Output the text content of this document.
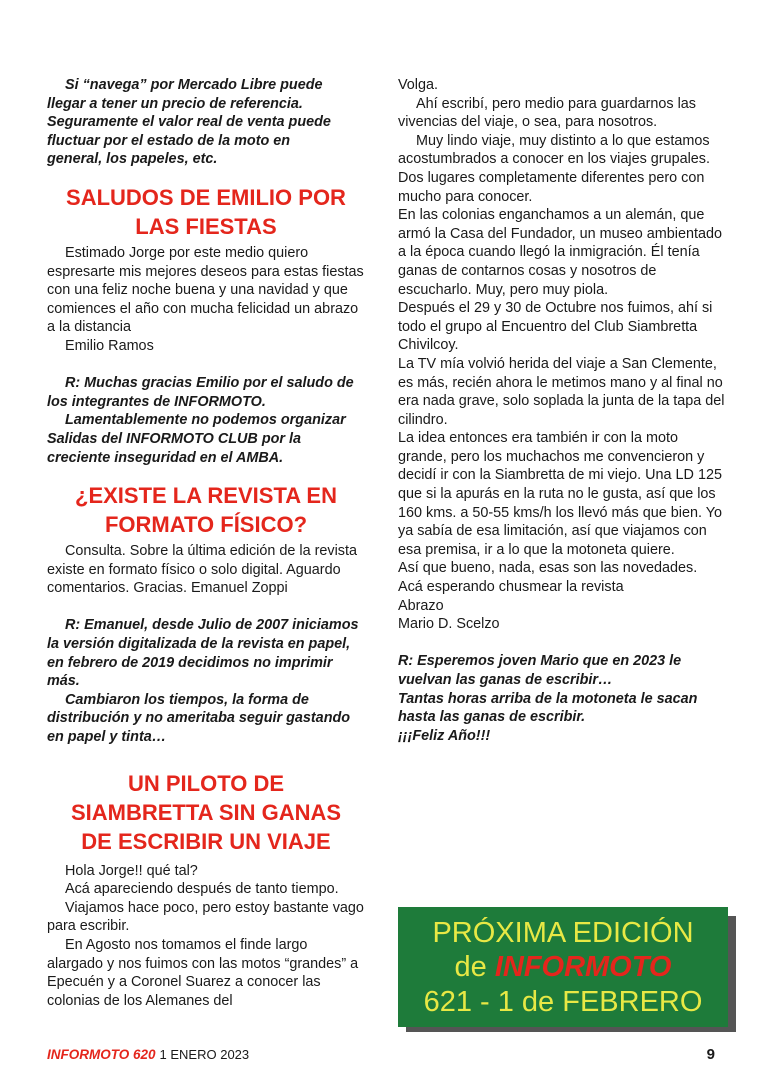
Si “navega” por Mercado Libre puede

llegar a tener un precio de referencia.

Seguramente el valor real de venta puede

fluctuar por el estado de la moto en

general, los papeles, etc.

SALUDOS DE EMILIO POR
LAS FIESTAS

Estimado Jorge por este medio quiero espresarte mis mejores deseos para estas fiestas con una feliz noche buena y una navidad y que comiences el año con mucha felicidad un abrazo a la distancia

Emilio Ramos

R: Muchas gracias Emilio por el saludo de los integrantes de INFORMOTO.

Lamentablemente no podemos organizar Salidas del INFORMOTO CLUB por la creciente inseguridad en el AMBA.

¿EXISTE LA REVISTA EN
FORMATO FÍSICO?

Consulta. Sobre la última edición de la revista existe en formato físico o solo digital. Aguardo comentarios. Gracias. Emanuel Zoppi

R: Emanuel, desde Julio de 2007 iniciamos la versión digitalizada de la revista en papel, en febrero de 2019 decidimos no imprimir más.

Cambiaron los tiempos, la forma de distribución y no ameritaba seguir gastando en papel y tinta…

UN PILOTO DE
SIAMBRETTA SIN GANAS
DE ESCRIBIR UN VIAJE

Hola Jorge!! qué tal?

Acá apareciendo después de tanto tiempo.

Viajamos hace poco, pero estoy bastante vago para escribir.

En Agosto nos tomamos el finde largo alargado y nos fuimos con las motos “grandes” a Epecuén y a Coronel Suarez a conocer las colonias de los Alemanes del

Volga.

Ahí escribí, pero medio para guardarnos las vivencias del viaje, o sea, para nosotros.

Muy lindo viaje, muy distinto a lo que estamos acostumbrados a conocer en los viajes grupales. Dos lugares completamente diferentes pero con mucho para conocer.

En las colonias enganchamos a un alemán, que armó la Casa del Fundador, un museo ambientado a la época cuando llegó la inmigración. Él tenía ganas de contarnos cosas y nosotros de escucharlo. Muy, pero muy piola.

Después el 29 y 30 de Octubre nos fuimos, ahí si todo el grupo al Encuentro del Club Siambretta Chivilcoy.

La TV mía volvió herida del viaje a San Clemente, es más, recién ahora le metimos mano y al final no era nada grave, solo soplada la junta de la tapa del cilindro.

La idea entonces era también ir con la moto grande, pero los muchachos me convencieron y decidí ir con la Siambretta de mi viejo. Una LD 125 que si la apurás en la ruta no le gusta, así que los 160 kms. a 50-55 kms/h los llevó más que bien. Yo ya sabía de esa limitación, así que viajamos con esa premisa, ir a lo que la motoneta quiere.

Así que bueno, nada, esas son las novedades.

Acá esperando chusmear la revista

Abrazo

Mario D. Scelzo

R: Esperemos joven Mario que en 2023 le vuelvan las ganas de escribir…

Tantas horas arriba de la motoneta le sacan hasta las ganas de escribir.

¡¡¡Feliz Año!!!

PRÓXIMA EDICIÓN
de INFORMOTO
621 - 1 de FEBRERO
INFORMOTO 620 1 ENERO 2023	9
